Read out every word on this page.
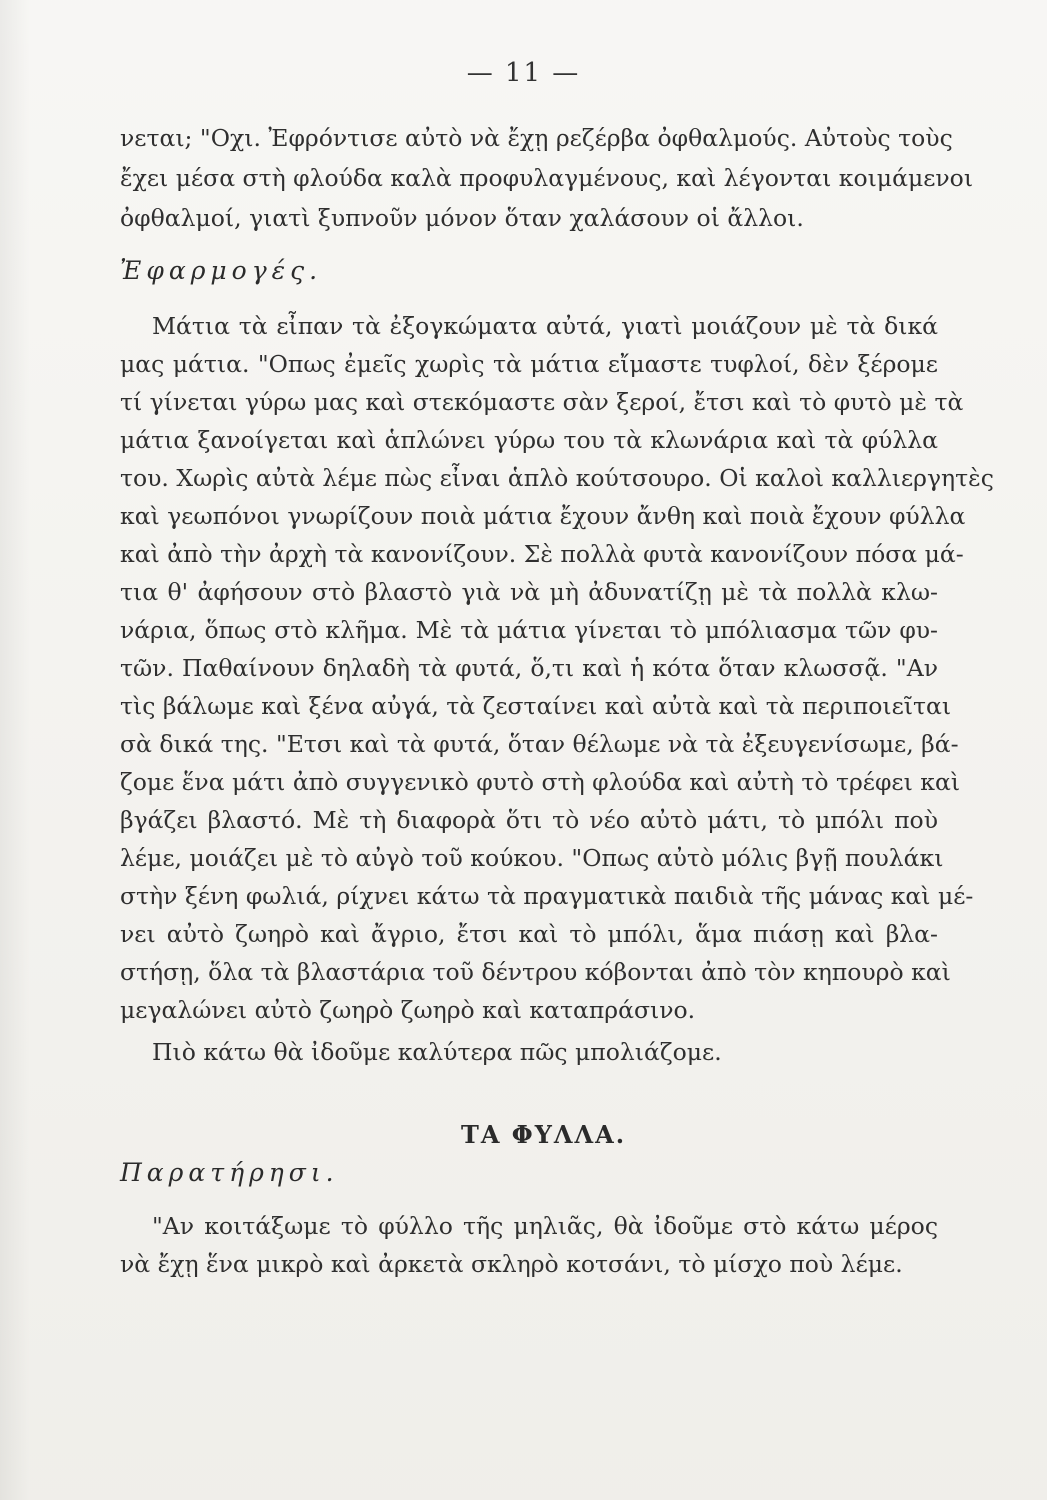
— 11 —
νεται; "Οχι. Ἐφρόντισε αὐτὸ νὰ ἔχῃ ρεζέρβα ὀφθαλμούς. Αὐτοὺς τοὺς
ἔχει μέσα στὴ φλούδα καλὰ προφυλαγμένους, καὶ λέγονται κοιμάμενοι
ὀφθαλμοί, γιατὶ ξυπνοῦν μόνον ὅταν χαλάσουν οἱ ἄλλοι.
Ἐφαρμογές.
Μάτια τὰ εἶπαν τὰ ἐξογκώματα αὐτά, γιατὶ μοιάζουν μὲ τὰ δικά
μας μάτια. "Οπως ἐμεῖς χωρὶς τὰ μάτια εἴμαστε τυφλοί, δὲν ξέρομε
τί γίνεται γύρω μας καὶ στεκόμαστε σὰν ξεροί, ἔτσι καὶ τὸ φυτὸ μὲ τὰ
μάτια ξανοίγεται καὶ ἁπλώνει γύρω του τὰ κλωνάρια καὶ τὰ φύλλα
του. Χωρὶς αὐτὰ λέμε πὼς εἶναι ἁπλὸ κούτσουρο. Οἱ καλοὶ καλλιεργητὲς
καὶ γεωπόνοι γνωρίζουν ποιὰ μάτια ἔχουν ἄνθη καὶ ποιὰ ἔχουν φύλλα
καὶ ἀπὸ τὴν ἀρχὴ τὰ κανονίζουν. Σὲ πολλὰ φυτὰ κανονίζουν πόσα μά-
τια θ' ἀφήσουν στὸ βλαστὸ γιὰ νὰ μὴ ἀδυνατίζῃ μὲ τὰ πολλὰ κλω-
νάρια, ὅπως στὸ κλῆμα. Μὲ τὰ μάτια γίνεται τὸ μπόλιασμα τῶν φυ-
τῶν. Παθαίνουν δηλαδὴ τὰ φυτά, ὅ,τι καὶ ἡ κότα ὅταν κλωσσᾷ. "Αν
τὶς βάλωμε καὶ ξένα αὐγά, τὰ ζεσταίνει καὶ αὐτὰ καὶ τὰ περιποιεῖται
σὰ δικά της. "Ετσι καὶ τὰ φυτά, ὅταν θέλωμε νὰ τὰ ἐξευγενίσωμε, βά-
ζομε ἕνα μάτι ἀπὸ συγγενικὸ φυτὸ στὴ φλούδα καὶ αὐτὴ τὸ τρέφει καὶ
βγάζει βλαστό. Μὲ τὴ διαφορὰ ὅτι τὸ νέο αὐτὸ μάτι, τὸ μπόλι ποὺ
λέμε, μοιάζει μὲ τὸ αὐγὸ τοῦ κούκου. "Οπως αὐτὸ μόλις βγῇ πουλάκι
στὴν ξένη φωλιά, ρίχνει κάτω τὰ πραγματικὰ παιδιὰ τῆς μάνας καὶ μέ-
νει αὐτὸ ζωηρὸ καὶ ἄγριο, ἔτσι καὶ τὸ μπόλι, ἅμα πιάσῃ καὶ βλα-
στήσῃ, ὅλα τὰ βλαστάρια τοῦ δέντρου κόβονται ἀπὸ τὸν κηπουρὸ καὶ
μεγαλώνει αὐτὸ ζωηρὸ ζωηρὸ καὶ καταπράσινο.
Πιὸ κάτω θὰ ἰδοῦμε καλύτερα πῶς μπολιάζομε.
ΤΑ ΦΥΛΛΑ.
Παρατήρησι.
"Αν κοιτάξωμε τὸ φύλλο τῆς μηλιᾶς, θὰ ἰδοῦμε στὸ κάτω μέρος
νὰ ἔχῃ ἕνα μικρὸ καὶ ἀρκετὰ σκληρὸ κοτσάνι, τὸ μίσχο ποὺ λέμε.
